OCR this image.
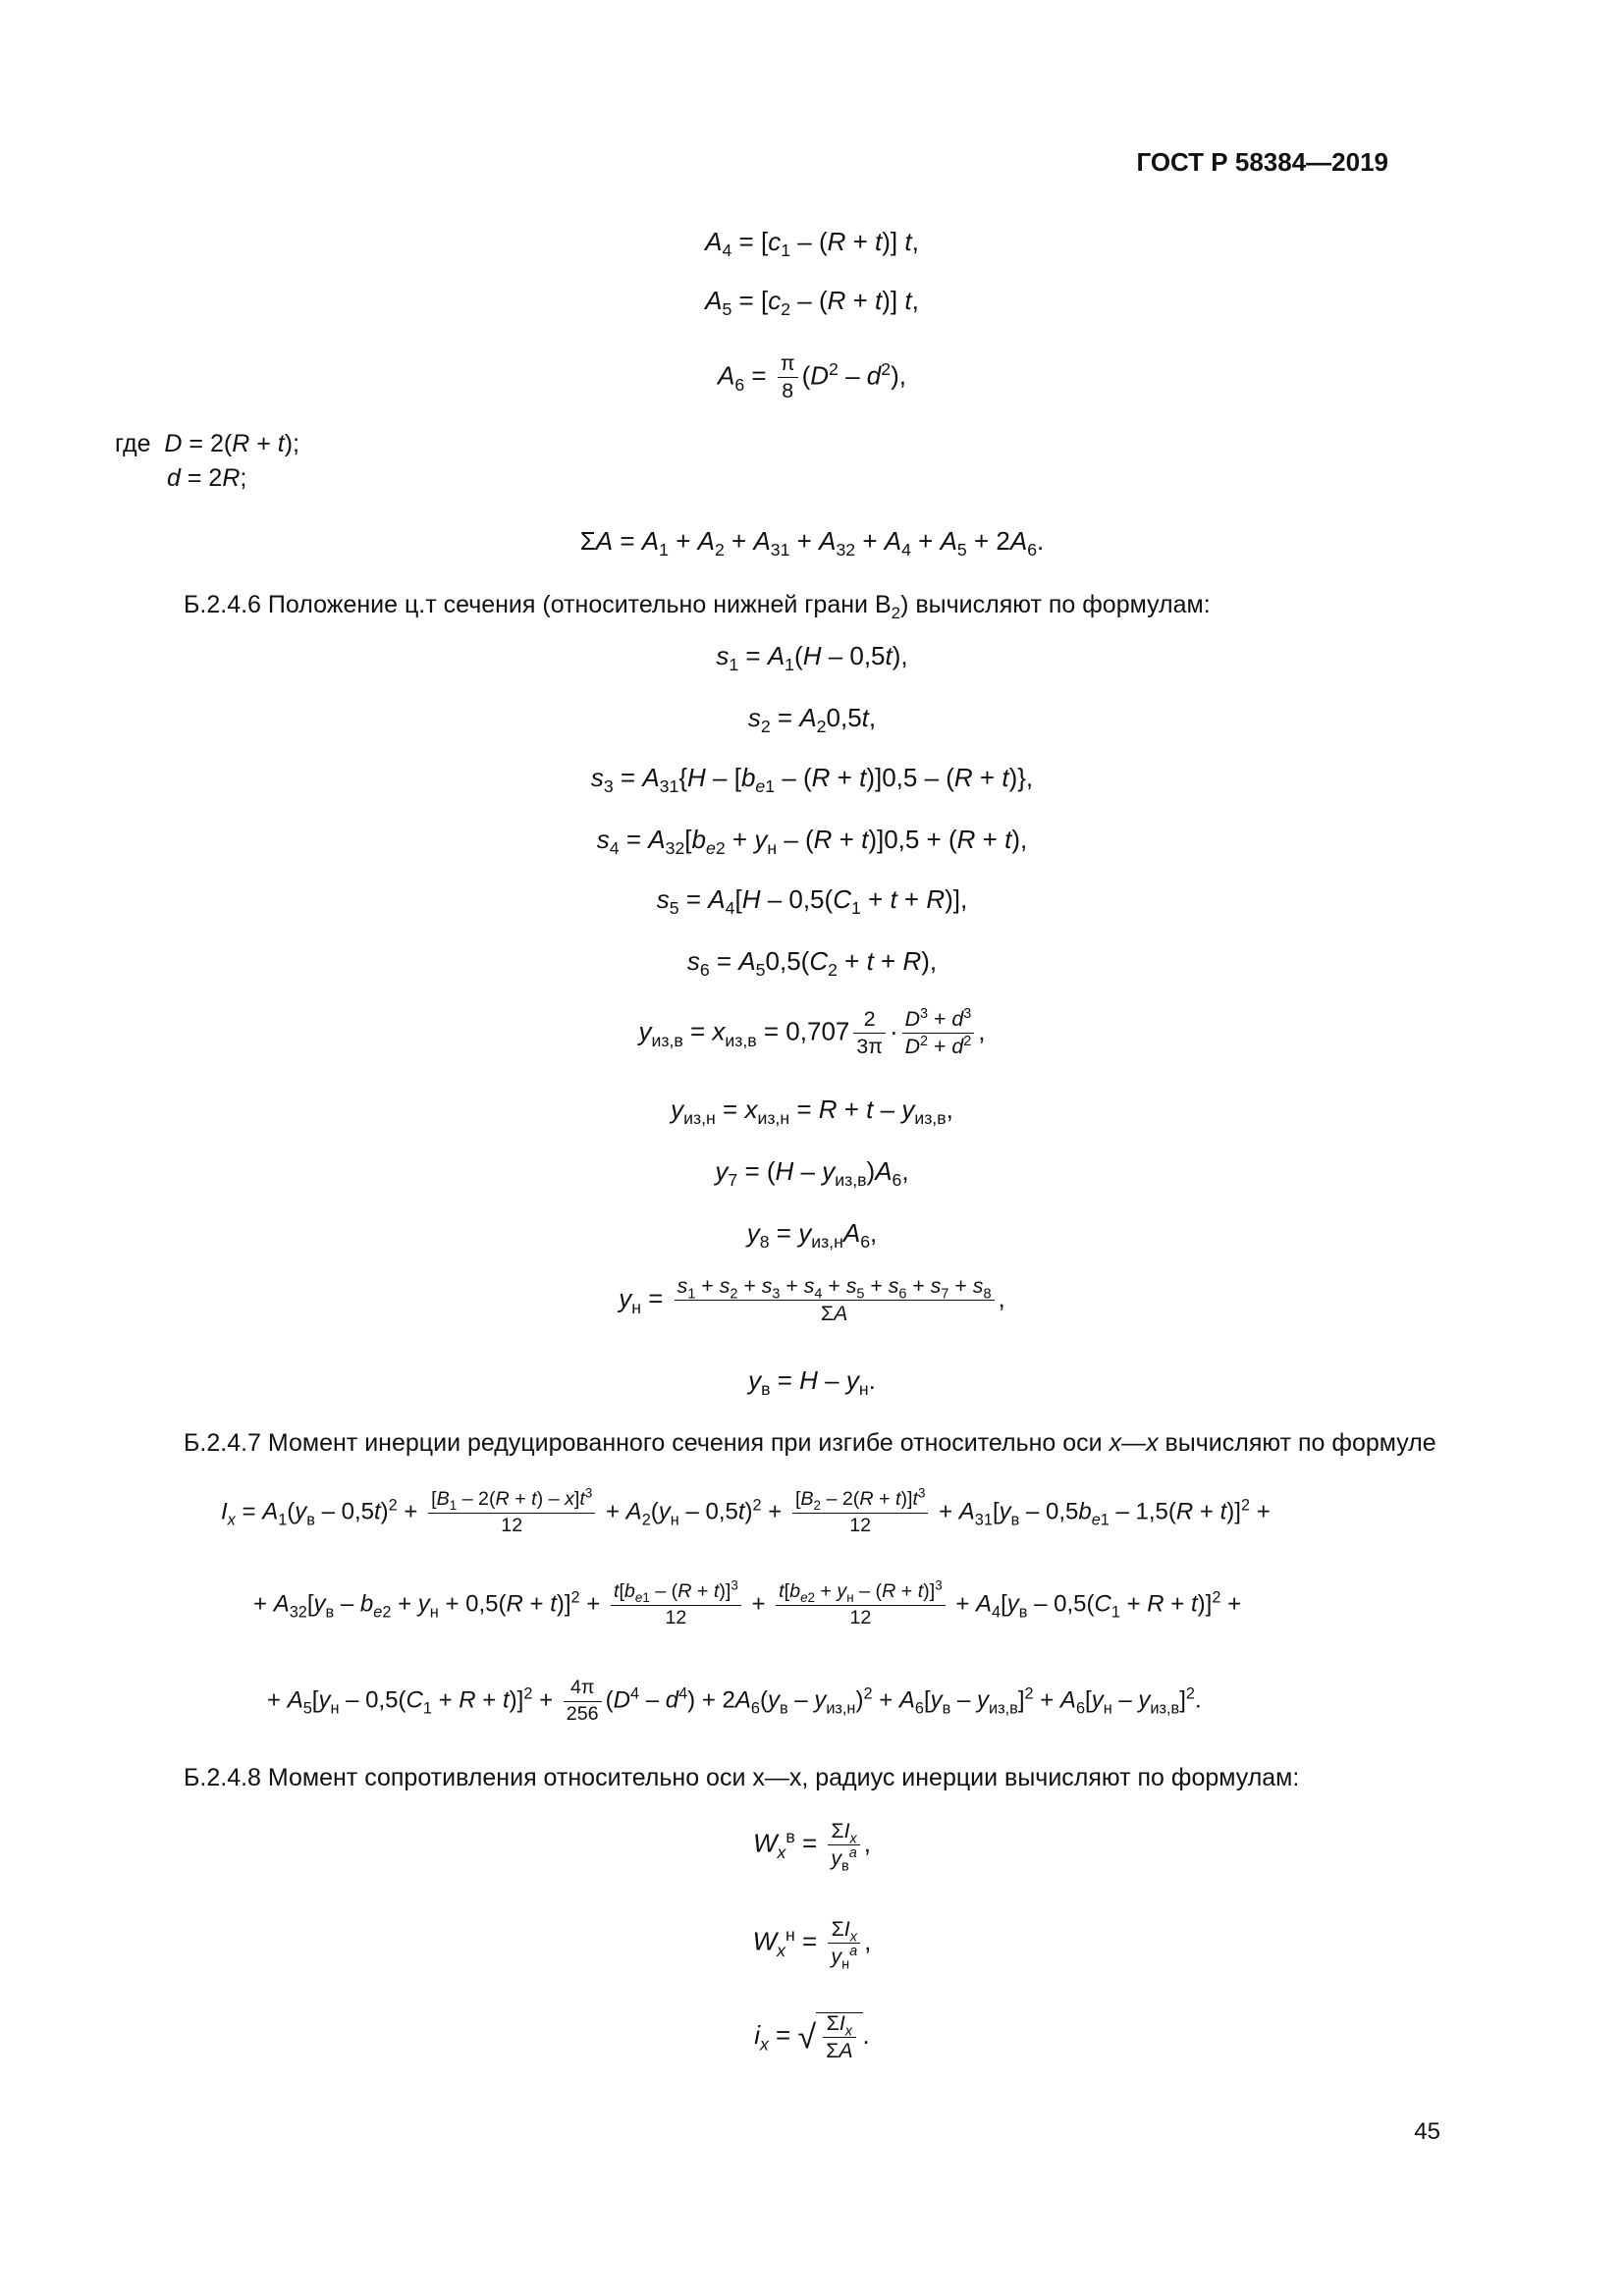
ГОСТ Р 58384—2019
$A_4 = [c_1 - (R + t)]$ t,
$A_5 = [c_2 - (R + t)]$ t,
$A_6 = \frac{\pi}{8} (D^2 - d^2)$,
где D = 2(R + t);
d = 2R;
$\Sigma A = A_1 + A_2 + A_{31} + A_{32} + A_4 + A_5 + 2A_6$.
Б.2.4.6 Положение ц.т сечения (относительно нижней грани $B_2$) вычисляют по формулам:
$s_1 = A_1(H - 0,5t)$,
$s_2 = A_20,5t$,
$s_3 = A_{31}\{H - [b_{e1} - (R + t)]0,5 - (R + t)\}$,
$s_4 = A_{32}[b_{e2} + y_н - (R + t)]0,5 + (R + t)$,
$s_5 = A_4[H - 0,5(C_1 + t + R)]$,
$s_6 = A_50,5(C_2 + t + R)$,
$y_{из,в} = x_{из,в} = 0,707 \frac{2}{3\pi} \cdot \frac{D^3 + d^3}{D^2 + d^2}$ ,
$y_{из,н} = x_{из,н} = R + t - y_{из,в}$,
$y_7 = (H - y_{из,в})A_6$,
$y_8 = y_{из,н}A_6$,
$y_н = \frac{s_1 + s_2 + s_3 + s_4 + s_5 + s_6 + s_7 + s_8}{\Sigma A}$ ,
$y_в = H - y_н$.
Б.2.4.7 Момент инерции редуцированного сечения при изгибе относительно оси x—x вычисляют по формуле
$I_x = A_1(y_в - 0,5t)^2 + \frac{[B_1 - 2(R + t) - x]t^3}{12} + A_2(y_н - 0,5t)^2 + \frac{[B_2 - 2(R + t)]t^3}{12} + A_{31}[y_в - 0,5b_{e1} - 1,5(R + t)]^2$ +
+ $A_{32}[y_в - b_{e2} + y_н + 0,5(R + t)]^2 + \frac{t[b_{e1} - (R + t)]^3}{12} + \frac{t[b_{e2} + y_н - (R + t)]^3}{12} + A_4[y_в - 0,5(C_1 + R + t)]^2$ +
+ $A_5[y_н - 0,5(C_1 + R + t)]^2 + \frac{4\pi}{256} (D^4 - d^4) + 2A_6(y_в - y_{из,н})^2 + A_6[y_в - y_{из,в}]^2 + A_6[y_н - y_{из,в}]^2$.
Б.2.4.8 Момент сопротивления относительно оси х—х, радиус инерции вычисляют по формулам:
$W_x^в = \frac{\Sigma I_x}{y_в^a}$ ,
$W_x^н = \frac{\Sigma I_x}{y_н^a}$ ,
$i_x$ = √ $\frac{\Sigma I_x}{\Sigma A}$ .
45
